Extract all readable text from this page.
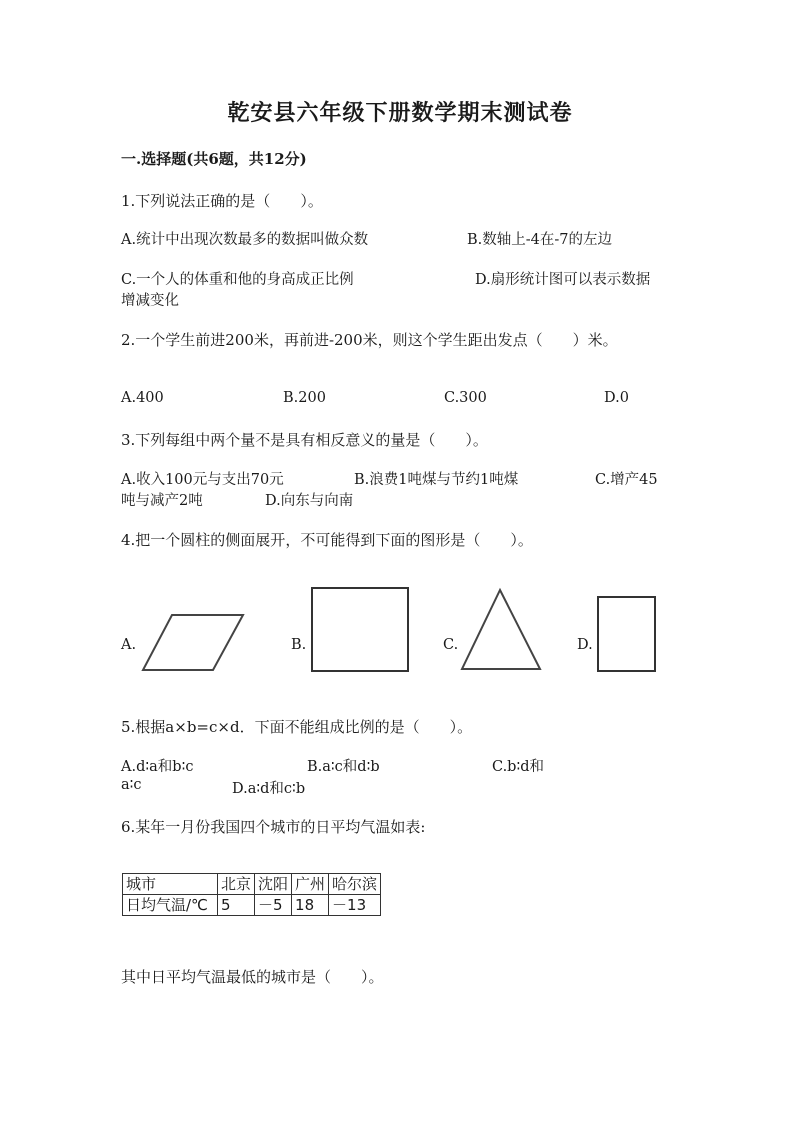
乾安县六年级下册数学期末测试卷
一.选择题(共6题，共12分)
1.下列说法正确的是（　　）。
A.统计中出现次数最多的数据叫做众数	B.数轴上-4在-7的左边
C.一个人的体重和他的身高成正比例	D.扇形统计图可以表示数据
增减变化
2.一个学生前进200米，再前进-200米，则这个学生距出发点（　　）米。
A.400	B.200	C.300	D.0
3.下列每组中两个量不是具有相反意义的量是（　　）。
A.收入100元与支出70元	B.浪费1吨煤与节约1吨煤	C.增产45
吨与减产2吨	D.向东与向南
4.把一个圆柱的侧面展开，不可能得到下面的图形是（　　）。
A.	B.	C.	D.
5.根据a×b=c×d．下面不能组成比例的是（　　）。
A.d∶a和b∶c	B.a∶c和d∶b	C.b∶d和
a∶c	D.a∶d和c∶b
6.某年一月份我国四个城市的日平均气温如表:
城市	北京	沈阳	广州	哈尔滨
日均气温/℃	5	－5	18	－13
其中日平均气温最低的城市是（　　）。
